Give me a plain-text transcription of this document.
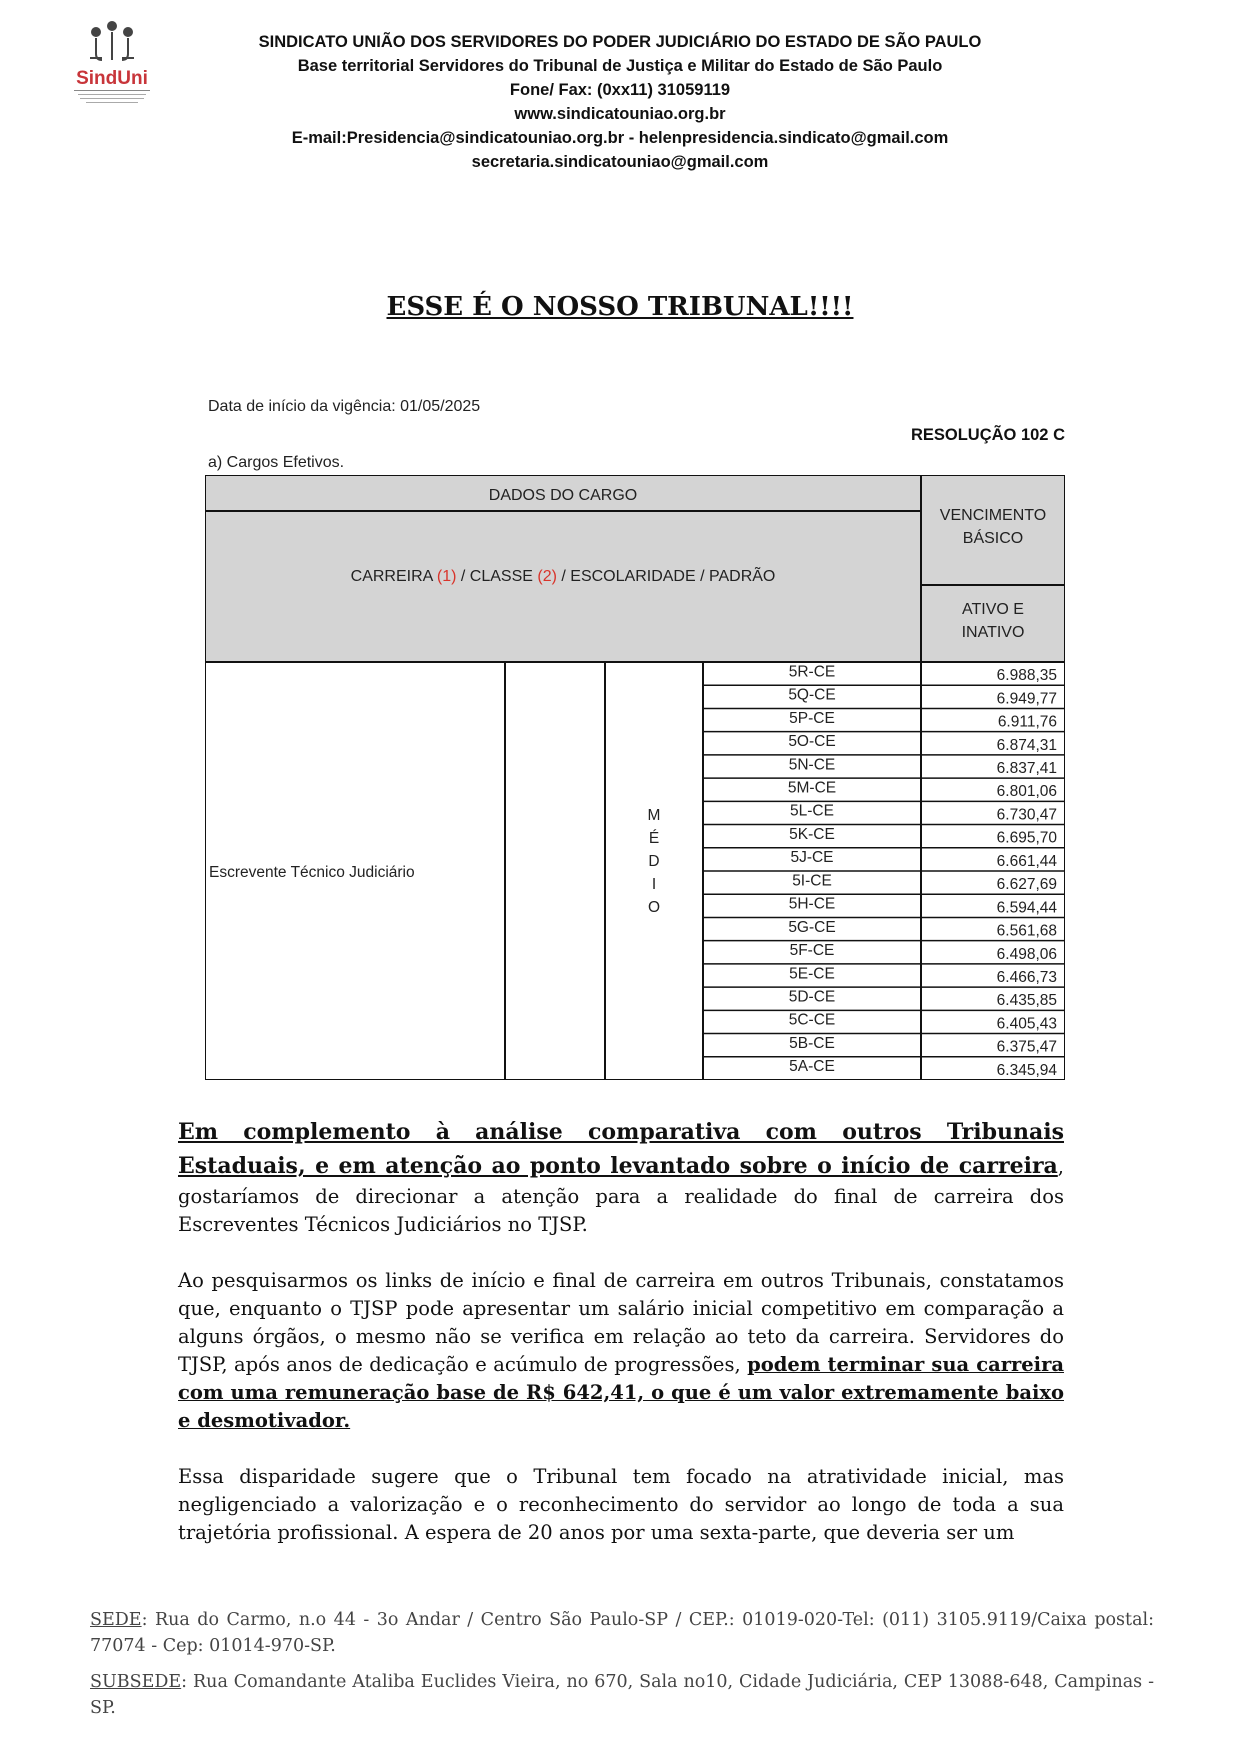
SindUni
SINDICATO UNIÃO DOS SERVIDORES DO PODER JUDICIÁRIO DO ESTADO DE SÃO PAULO
Base territorial Servidores do Tribunal de Justiça e Militar do Estado de São Paulo
Fone/ Fax: (0xx11) 31059119
www.sindicatouniao.org.br
E-mail:Presidencia@sindicatouniao.org.br - helenpresidencia.sindicato@gmail.com
secretaria.sindicatouniao@gmail.com
ESSE É O NOSSO TRIBUNAL!!!!
Data de início da vigência: 01/05/2025
RESOLUÇÃO 102 C
a) Cargos Efetivos.
DADOS DO CARGO
CARREIRA (1) / CLASSE (2) / ESCOLARIDADE / PADRÃO
VENCIMENTO
BÁSICO
ATIVO E
INATIVO
Escrevente Técnico Judiciário
5R-CE	6.988,35
5Q-CE	6.949,77
5P-CE	6.911,76
5O-CE	6.874,31
5N-CE	6.837,41
5M-CE	6.801,06
5L-CE	6.730,47
5K-CE	6.695,70
5J-CE	6.661,44
5I-CE	6.627,69
5H-CE	6.594,44
5G-CE	6.561,68
5F-CE	6.498,06
5E-CE	6.466,73
5D-CE	6.435,85
5C-CE	6.405,43
5B-CE	6.375,47
5A-CE	6.345,94
M
É
D
I
O

Em complemento à análise comparativa com outros Tribunais Estaduais, e em atenção ao ponto levantado sobre o início de carreira, gostaríamos de direcionar a atenção para a realidade do final de carreira dos Escreventes Técnicos Judiciários no TJSP.

Ao pesquisarmos os links de início e final de carreira em outros Tribunais, constatamos que, enquanto o TJSP pode apresentar um salário inicial competitivo em comparação a alguns órgãos, o mesmo não se verifica em relação ao teto da carreira. Servidores do TJSP, após anos de dedicação e acúmulo de progressões, podem terminar sua carreira com uma remuneração base de R$ 642,41, o que é um valor extremamente baixo e desmotivador.

Essa disparidade sugere que o Tribunal tem focado na atratividade inicial, mas negligenciado a valorização e o reconhecimento do servidor ao longo de toda a sua trajetória profissional. A espera de 20 anos por uma sexta-parte, que deveria ser um

SEDE: Rua do Carmo, n.o 44 - 3o Andar / Centro São Paulo-SP / CEP.: 01019-020-Tel: (011) 3105.9119/Caixa postal: 77074 - Cep: 01014-970-SP.

SUBSEDE: Rua Comandante Ataliba Euclides Vieira, no 670, Sala no10, Cidade Judiciária, CEP 13088-648, Campinas - SP.
